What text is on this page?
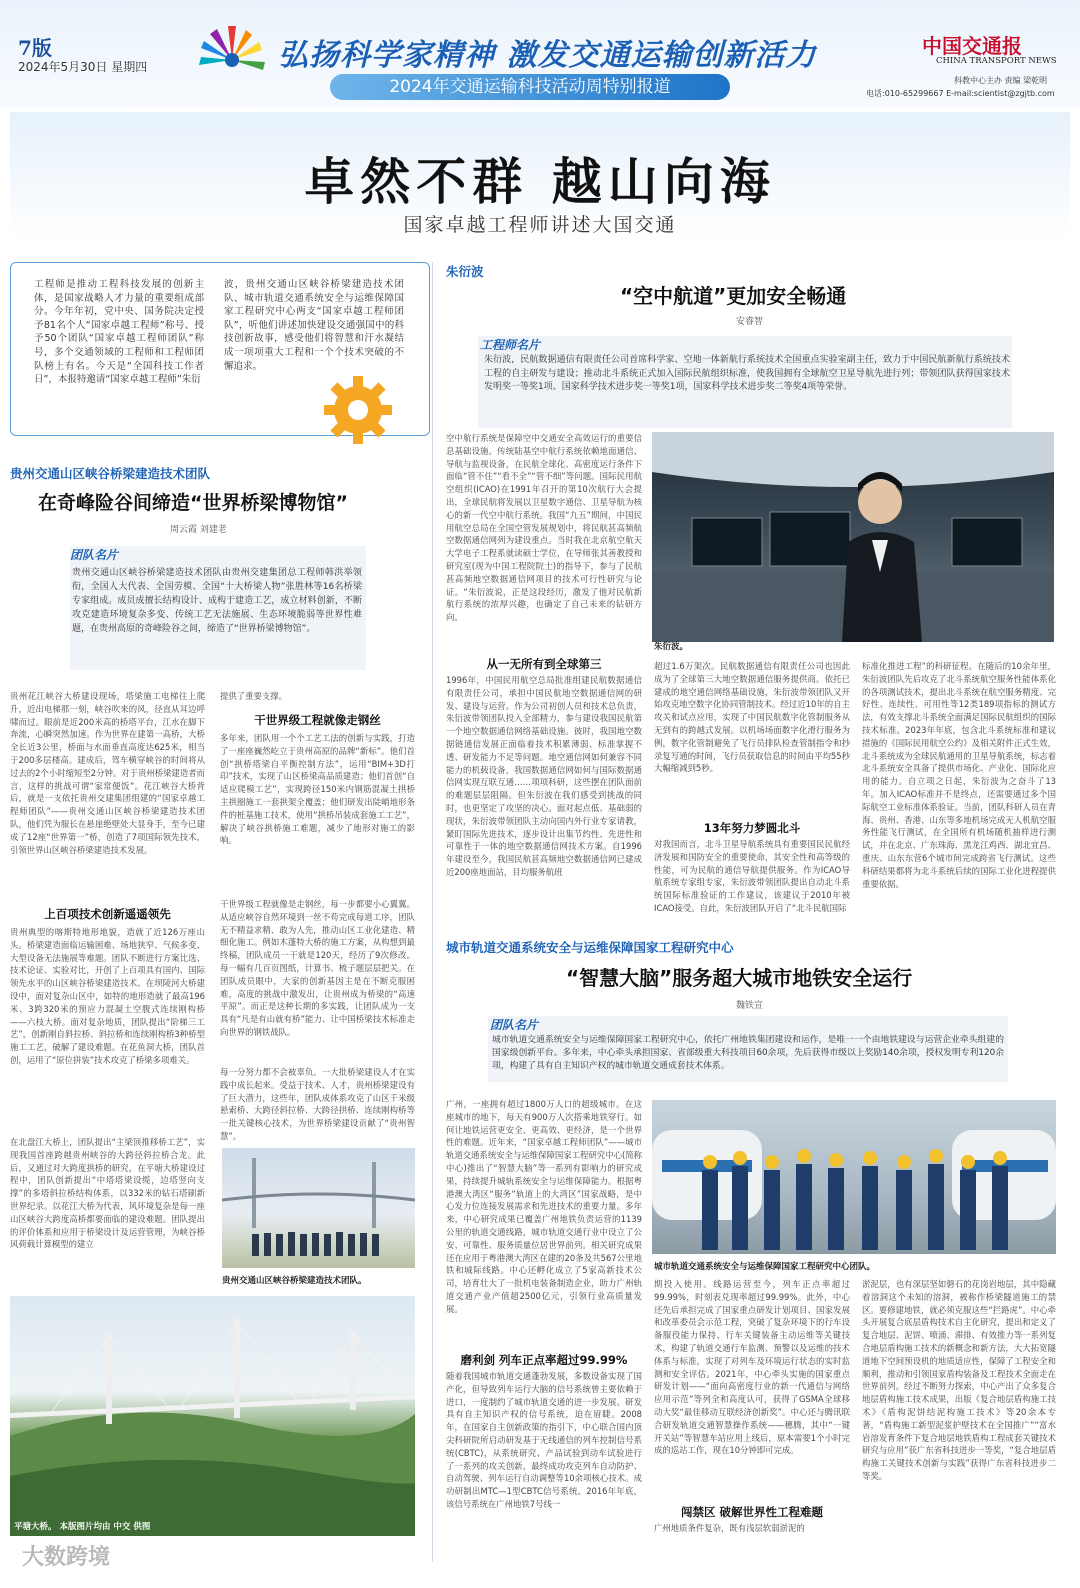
7版
2024年5月30日 星期四	弘扬科学家精神 激发交通运输创新活力
2024年交通运输科技活动周特别报道
中国交通报
CHINA TRANSPORT NEWS
科教中心主办 责编 梁乾明
电话:010-65299667 E-mail:scientist@zgjtb.com
卓然不群 越山向海
国家卓越工程师讲述大国交通
工程师是推动工程科技发展的创新主体，是国家战略人才力量的重要组成部分。今年年初，党中央、国务院决定授予81名个人“国家卓越工程师”称号、授予50个团队“国家卓越工程师团队”称号，多个交通领域的工程师和工程师团队榜上有名。今天是“全国科技工作者日”，本报特邀请“国家卓越工程师”朱衍
波，贵州交通山区峡谷桥梁建造技术团队、城市轨道交通系统安全与运维保障国家工程研究中心两支“国家卓越工程师团队”，听他们讲述加快建设交通强国中的科技创新故事，感受他们将智慧和汗水凝结成一项项重大工程和一个个技术突破的不懈追求。
贵州交通山区峡谷桥梁建造技术团队
在奇峰险谷间缔造“世界桥梁博物馆”
周云霞 刘建老
团队名片
贵州交通山区峡谷桥梁建造技术团队由贵州交建集团总工程师韩洪举领衔，全国人大代表、全国劳模、全国“十大桥梁人物”张胜林等16名桥梁专家组成。成员成擅长结构设计、成构于建造工艺，成立材料创新，不断攻克建造环境复杂多变、传统工艺无法施展、生态环境脆弱等世界性难题，在贵州高原的奇峰险谷之间，缔造了“世界桥梁博物馆”。
贵州花江峡谷大桥建设现场，塔梁施工电梯往上爬升，近出电梯那一刻，峡谷吹来的风，径直从耳边呼啸而过。眼前是近200米高的桥塔平台，江水在脚下奔流，心瞬突然加速。作为世界在建第一高桥，大桥全长近3公里，桥面与水面垂直高度达625米，相当于200多层楼高。建成后，驾车横穿峡谷的时间将从过去的2个小时缩短至2分钟。对于贵州桥梁建造者而言，这样的挑战可谓“家常便饭”。花江峡谷大桥背后，就是一支依托贵州交建集团组建的“国家卓越工程师团队”——贵州交通山区峡谷桥梁建造技术团队，他们凭为服长在悬崖绝壁处大显身手，至今已建成了12座“世界第一”桥，创造了7项国际领先技术，引领世界山区峡谷桥梁建造技术发展。
上百项技术创新遥遥领先
贵州典型的喀斯特地形地貌，造就了近126万座山头。桥梁建造面临运输困难、场地狭窄、气候多变、大型设备无法施展等难题。团队不断进行方案比选、技术论证、实验对比，开创了上百项具有国内、国际领先水平的山区峡谷桥梁建造技术。在坝陵河大桥建设中，面对复杂山区中，如特的地形造就了最高196米、3跨320米的预应力混凝土空腹式连续刚构桥——六枝大桥。面对复杂地质，团队提出“阶梯三工艺”，创新刚自斜拉桥、斜拉桥和连续刚构桥3种桥型施工工艺，破解了建设难题。在花鱼洞大桥，团队首创，运用了“原位拼装”技术攻克了桥梁多项难关。
在北盘江大桥上，团队提出“主梁顶推移桥工艺”，实现我国首座跨越贵州峡谷的大跨径斜拉桥合龙。此后，又通过对大跨度拱桥的研究，在平塘大桥建设过程中，团队创新提出“中塔塔梁设缆，边塔竖向支撑”的多塔斜拉桥结构体系，以332米的钻石塔刷新世界纪录。以花江大桥为代表，风环境复杂是每一座山区峡谷大跨度高桥都要面临的建设难题。团队提出的评价体系和应用于桥梁设计及运营管理，为峡谷桥风荷载计算模型的建立
提供了重要支撑。
干世界级工程就像走钢丝
多年来，团队用一个个工艺工法的创新与实践，打造了一座座巍然屹立于贵州高原的品牌“新标”。他们首创“拱桥塔梁自平衡控制方法”，运用“BIM+3D打印”技术，实现了山区桥梁高品质建造；他们首创“自适应爬模工艺”，实现跨径150米内钢筋混凝土拱桥主拱圈施工一套拱架全覆盖；他们研发出陡峭地形条件的桩基施工技术，使用“拱桥吊装成套施工工艺”，解决了峡谷拱桥施工难题，减少了地形对施工的影响。
干世界级工程就像是走钢丝，每一步都要小心翼翼。从适应峡谷自然环境到一丝不苟完成每道工序，团队无不精益求精、敢为人先，推动山区工业化建造、精细化施工。例如木蓬特大桥的施工方案，从构想到最终稿，团队成员一干就是120天，经历了9次修改。每一幅有几百页图纸，计算书、梳子题层层把关。在团队成员眼中，大家的创新基因主是在不断克服困难，高度的挑战中激发出，让贵州成为桥梁的“高速平原”。而正是这种长期的多实践，让团队成为一支具有“凡是有山就有桥”能力、让中国桥梁技术标准走向世界的钢铁战队。
每一分努力都不会被辜负。一大批桥梁建设人才在实践中成长起来。受益于技术、人才，贵州桥梁建设有了巨大潜力，这些年，团队成体系攻克了山区千米级悬索桥、大跨径斜拉桥、大跨径拱桥、连续刚构桥等一批关键核心技术，为世界桥梁建设贡献了“贵州智慧”。
贵州交通山区峡谷桥梁建造技术团队。
平塘大桥。 本版图片均由 中交 供图
朱衍波
“空中航道”更加安全畅通
安睿智
工程师名片
朱衍波，民航数据通信有限责任公司首席科学家、空地一体新航行系统技术全国重点实验室副主任，致力于中国民航新航行系统技术工程的自主研发与建设；推动北斗系统正式加入国际民航组织标准，使我国拥有全球航空卫星导航先进行列；带领团队获得国家技术发明奖一等奖1项、国家科学技术进步奖一等奖1项，国家科学技术进步奖二等奖4项等荣誉。
空中航行系统是保障空中交通安全高效运行的重要信息基础设施。传统陆基空中航行系统依赖地面通信、导航与监视设备，在民航全球化、高密度运行条件下面临“管不住”“看不全”“管不细”等问题。国际民用航空组织(ICAO)在1991年召开的第10次航行大会提出，全球民航将发展以卫星数字通信、卫星导航为核心的新一代空中航行系统。我国“九五”期间，中国民用航空总局在全国空管发展规划中，将民航甚高频航空数据通信网列为建设重点。当时我在北京航空航天大学电子工程系就读硕士学位，在导师张其善教授和研究室(现为中国工程院院士)的指导下，参与了民航甚高频地空数据通信网项目的技术可行性研究与论证。“朱衍波说，正是这段经历，激发了他对民航新航行系统的浓厚兴趣，也确定了自己未来的钻研方向。
朱衍波。
从一无所有到全球第三
1996年，中国民用航空总局批准组建民航数据通信有限责任公司，承担中国民航地空数据通信网的研发、建设与运营。作为公司初创人员和技术总负责，朱衍波带领团队投入全部精力，参与建设我国民航第一个地空数据通信网络基础设施。彼时，我国地空数据链通信发展正面临着技术积累薄弱、标准掌握不透、研发能力不足等问题。地空通信网如何兼容不同能力的机载设备，我国数据通信网如何与国际数据通信网实现互联互通……项项科研，这些摆在团队面前的难题层层阻隔。但朱衍波在我们感受到挑战的同时，也更坚定了攻坚的决心。面对起点低、基础弱的现状，朱衍波带领团队主动向国内外行业专家请教，紧盯国际先进技术，逐步设计出集节约性、先进性和可靠性于一体的地空数据通信网技术方案。自1996年建设至今，我国民航甚高频地空数据通信网已建成近200座地面站，目均服务航班
超过1.6万架次。民航数据通信有限责任公司也因此成为了全球第三大地空数据通信服务提供商。依托已建成的地空通信网络基础设施，朱衍波带领团队又开始攻克地空数字化协同管制技术。经过近10年的自主攻关和试点应用，实现了中国民航数字化管制服务从无到有的跨越式发展。以机场场面数字化滑行服务为例，数字化管制避免了飞行员排队检查管制指令和抄录复写通的时间，飞行员获取信息的时间由平均55秒大幅缩减到5秒。
13年努力梦圆北斗
对我国而言，北斗卫星导航系统具有重要国民民航经济发展和国防安全的重要使命，其安全性和高等级的性能，可为民航的通信导航提供服务。作为ICAO导航系统专家组专家，朱衍波带领团队提出自动北斗系统国际标准验证的工作建议，该建议于2010年被ICAO接受。自此，朱衍波团队开启了“北斗民航国际
标准化推进工程”的科研征程。在随后的10余年里，朱衍波团队先后攻克了北斗系统航空服务性能体系化的各项测试技术，提出北斗系统在航空服务精度、完好性、连续性、可用性等12类189项指标的测试方法，有效支撑北斗系统全面满足国际民航组织的国际技术标准。2023年年底，包含北斗系统标准和建议措施的《国际民用航空公约》及相关附件正式生效，北斗系统成为全球民航通用的卫星导航系统，标志着北斗系统安全具备了提供市场化、产业化、国际化应用的能力。自立项之日起，朱衍波为之奋斗了13年。加入ICAO标准并不是终点，还需要通过多个国际航空工业标准体系验证。当前，团队科研人员在青海、贵州、香港、山东等多地机场完成无人机航空服务性能飞行测试，在全国所有机场随机抽样进行测试，并在北京、广东珠海、黑龙江鸡西、湖北宜昌、重庆、山东东营6个城市间完成跨省飞行测试。这些科研结果都将为北斗系统后续的国际工业化进程提供重要依据。
城市轨道交通系统安全与运维保障国家工程研究中心
“智慧大脑”服务超大城市地铁安全运行
魏铁宣
团队名片
城市轨道交通系统安全与运维保障国家工程研究中心，依托广州地铁集团建设和运作，是唯一一个由地铁建设与运营企业牵头组建的国家级创新平台。多年来，中心牵头承担国家、省部级重大科技项目60余项，先后获得市级以上奖励140余项，授权发明专利120余项，构建了具有自主知识产权的城市轨道交通成套技术体系。
广州，一座拥有超过1800万人口的超级城市。在这座城市的地下，每天有900万人次搭乘地铁穿行。如何让地铁运营更安全、更高效、更经济，是一个世界性的难题。近年来，“国家卓越工程师团队”——城市轨道交通系统安全与运维保障国家工程研究中心(简称中心)推出了“智慧大脑”等一系列有影响力的研究成果，持续提升城轨系统安全与运维保障能力。根据粤港澳大湾区“服务”轨道上的大湾区”国家战略，是中心发力位连接发展需求和先进技术的重要力量。多年来，中心研究成果已覆盖广州地铁负责运营的1139公里的轨道交通线路，城市轨道交通行业中设立了公安、可靠性、服务质量位居世界前列。相关研究成果还在应用于粤港澳大湾区在建的20条及共567公里地铁和城际线路。中心还孵化成立了5家高新技术公司，培育壮大了一批机电装备制造企业，助力广州轨道交通产业产值超2500亿元，引领行业高质量发展。
磨利剑 列车正点率超过99.99%
随着我国城市轨道交通蓬勃发展，多数设备实现了国产化，但导致列车运行大脑的信号系统曾主要依赖于进口，一度制约了城市轨道交通的进一步发展。研发具有自主知识产权的信号系统，迫在眉睫。2008年，在国家自主创新政策的指引下，中心联合国内顶尖科研院所启动研发基于无线通信的列车控制信号系统(CBTC)，从系统研究、产品试验到动车试验进行了一系列的攻关创新，最终成功攻克列车自动防护、自动驾驶、列车运行自动调整等10余项核心技术。成功研制出MTC—1型CBTC信号系统。2016年年底，该信号系统在广州地铁7号线一
城市轨道交通系统安全与运维保障国家工程研究中心团队。
期投入使用。线路运营至今，列车正点率超过99.99%，时刻表兑现率超过99.99%。此外，中心还先后承担完成了国家重点研发计划项目、国家发展和改革委员会示范工程，突破了复杂环境下的行车设备服役能力保持、行车关键装备主动运维等关键技术，构建了轨道交通行车监测、预警以及运维的技术体系与标准，实现了对列车及环境运行状态的实时监测和安全评估。2021年，中心牵头实施的国家重点研发计划——“面向高密度行业的新一代通信与网络应用示范”等列全和高度认可，获得了GSMA全球移动大奖“最佳移动互联经济创新奖”。中心还与腾讯联合研发轨道交通智慧操作系统——穗腾，其中“一键开关站”等智慧车站应用上线后，原本需要1个小时完成的巡站工作，现在10分钟即可完成。
闯禁区 破解世界性工程难题
广州地质条件复杂，既有浅层软弱淤泥的
淤泥层，也有深层坚如磐石的花岗岩地层，其中隐藏着溶洞这个未知的溶洞，被称作桥梁隧道施工的禁区。要修建地铁，就必须克服这些“拦路虎”。中心牵头开展复合底层盾构技术自主化研究，提出和定义了复合地层、泥饼、喷涌、滞排、有效推力等一系列复合地层盾构施工技术的新概念和新方法，大大拓宽隧道地下空间预设机的地质适应性，保障了工程安全和顺利，推动和引领国家盾构装备及工程技术全面走在世界前列。经过不断努力探索，中心产出了众多复合地层盾构施工技术成果，出版《复合地层盾构施工技术》《盾构泥饼结泥构施工技术》等20余本专著，“盾构施工新型泥浆护壁技术在全国推广”“富水岩溶发育条件下复合地层地铁盾构工程成套关键技术研究与应用”获广东省科技进步一等奖，“复合地层盾构施工关键技术创新与实践”获得广东省科技进步二等奖。
大数跨境
